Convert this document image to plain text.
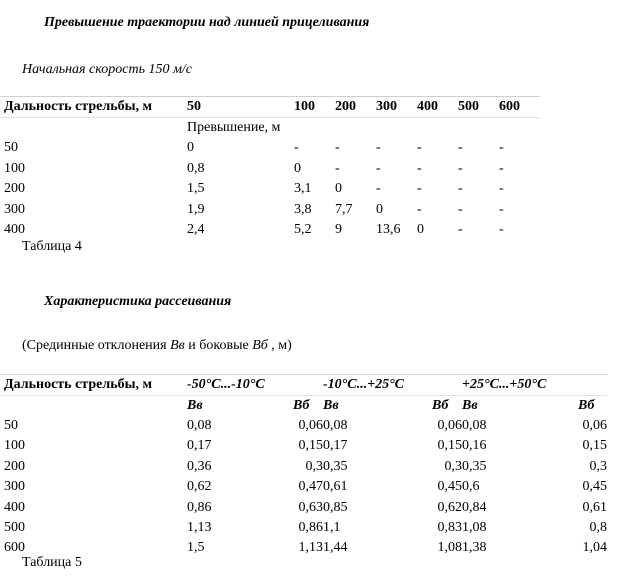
Превышение траектории над линией прицеливания
Начальная скорость 150 м/с
Дальность стрельбы, м 50	100 200 300 400 500 600
Превышение, м
50	0	-	-	-	-	-	-
100	0,8	0 -	-	-	-	-
200	1,5	3,1 0 -	-	-	-
300	1,9	3,8 7,7 0 -	-	-
400	2,4	5,2 9 13,6 0 -	-
Таблица 4
Характеристика рассеивания
(Срединные отклонения Вв и боковые Вб , м)
Дальность стрельбы, м -50°С...-10°С	-10°С...+25°С	+25°С...+50°С
Вв	Вб Вв	Вб Вв	Вб
50	0,08	0,06 0,08	0,06 0,08	0,06
100	0,17	0,15 0,17	0,15 0,16	0,15
200	0,36	0,3 0,35	0,3 0,35	0,3
300	0,62	0,47 0,61	0,45 0,6	0,45
400	0,86	0,63 0,85	0,62 0,84	0,61
500	1,13	0,86 1,1	0,83 1,08	0,8
600	1,5	1,13 1,44	1,08 1,38	1,04
Таблица 5
